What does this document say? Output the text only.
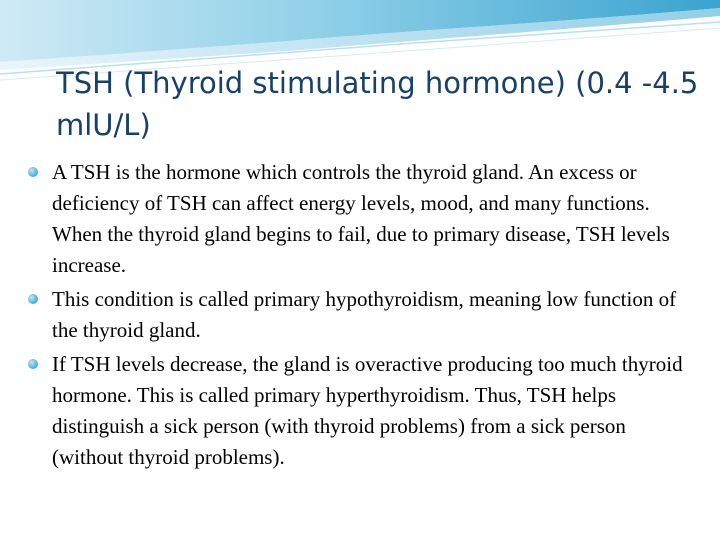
TSH (Thyroid stimulating hormone) (0.4 -4.5 mlU/L)
A TSH is the hormone which controls the thyroid gland. An excess or deficiency of TSH can affect energy levels, mood, and many functions. When the thyroid gland begins to fail, due to primary disease, TSH levels increase.
This condition is called primary hypothyroidism, meaning low function of the thyroid gland.
If TSH levels decrease, the gland is overactive producing too much thyroid hormone. This is called primary hyperthyroidism. Thus, TSH helps distinguish a sick person (with thyroid problems) from a sick person (without thyroid problems).
